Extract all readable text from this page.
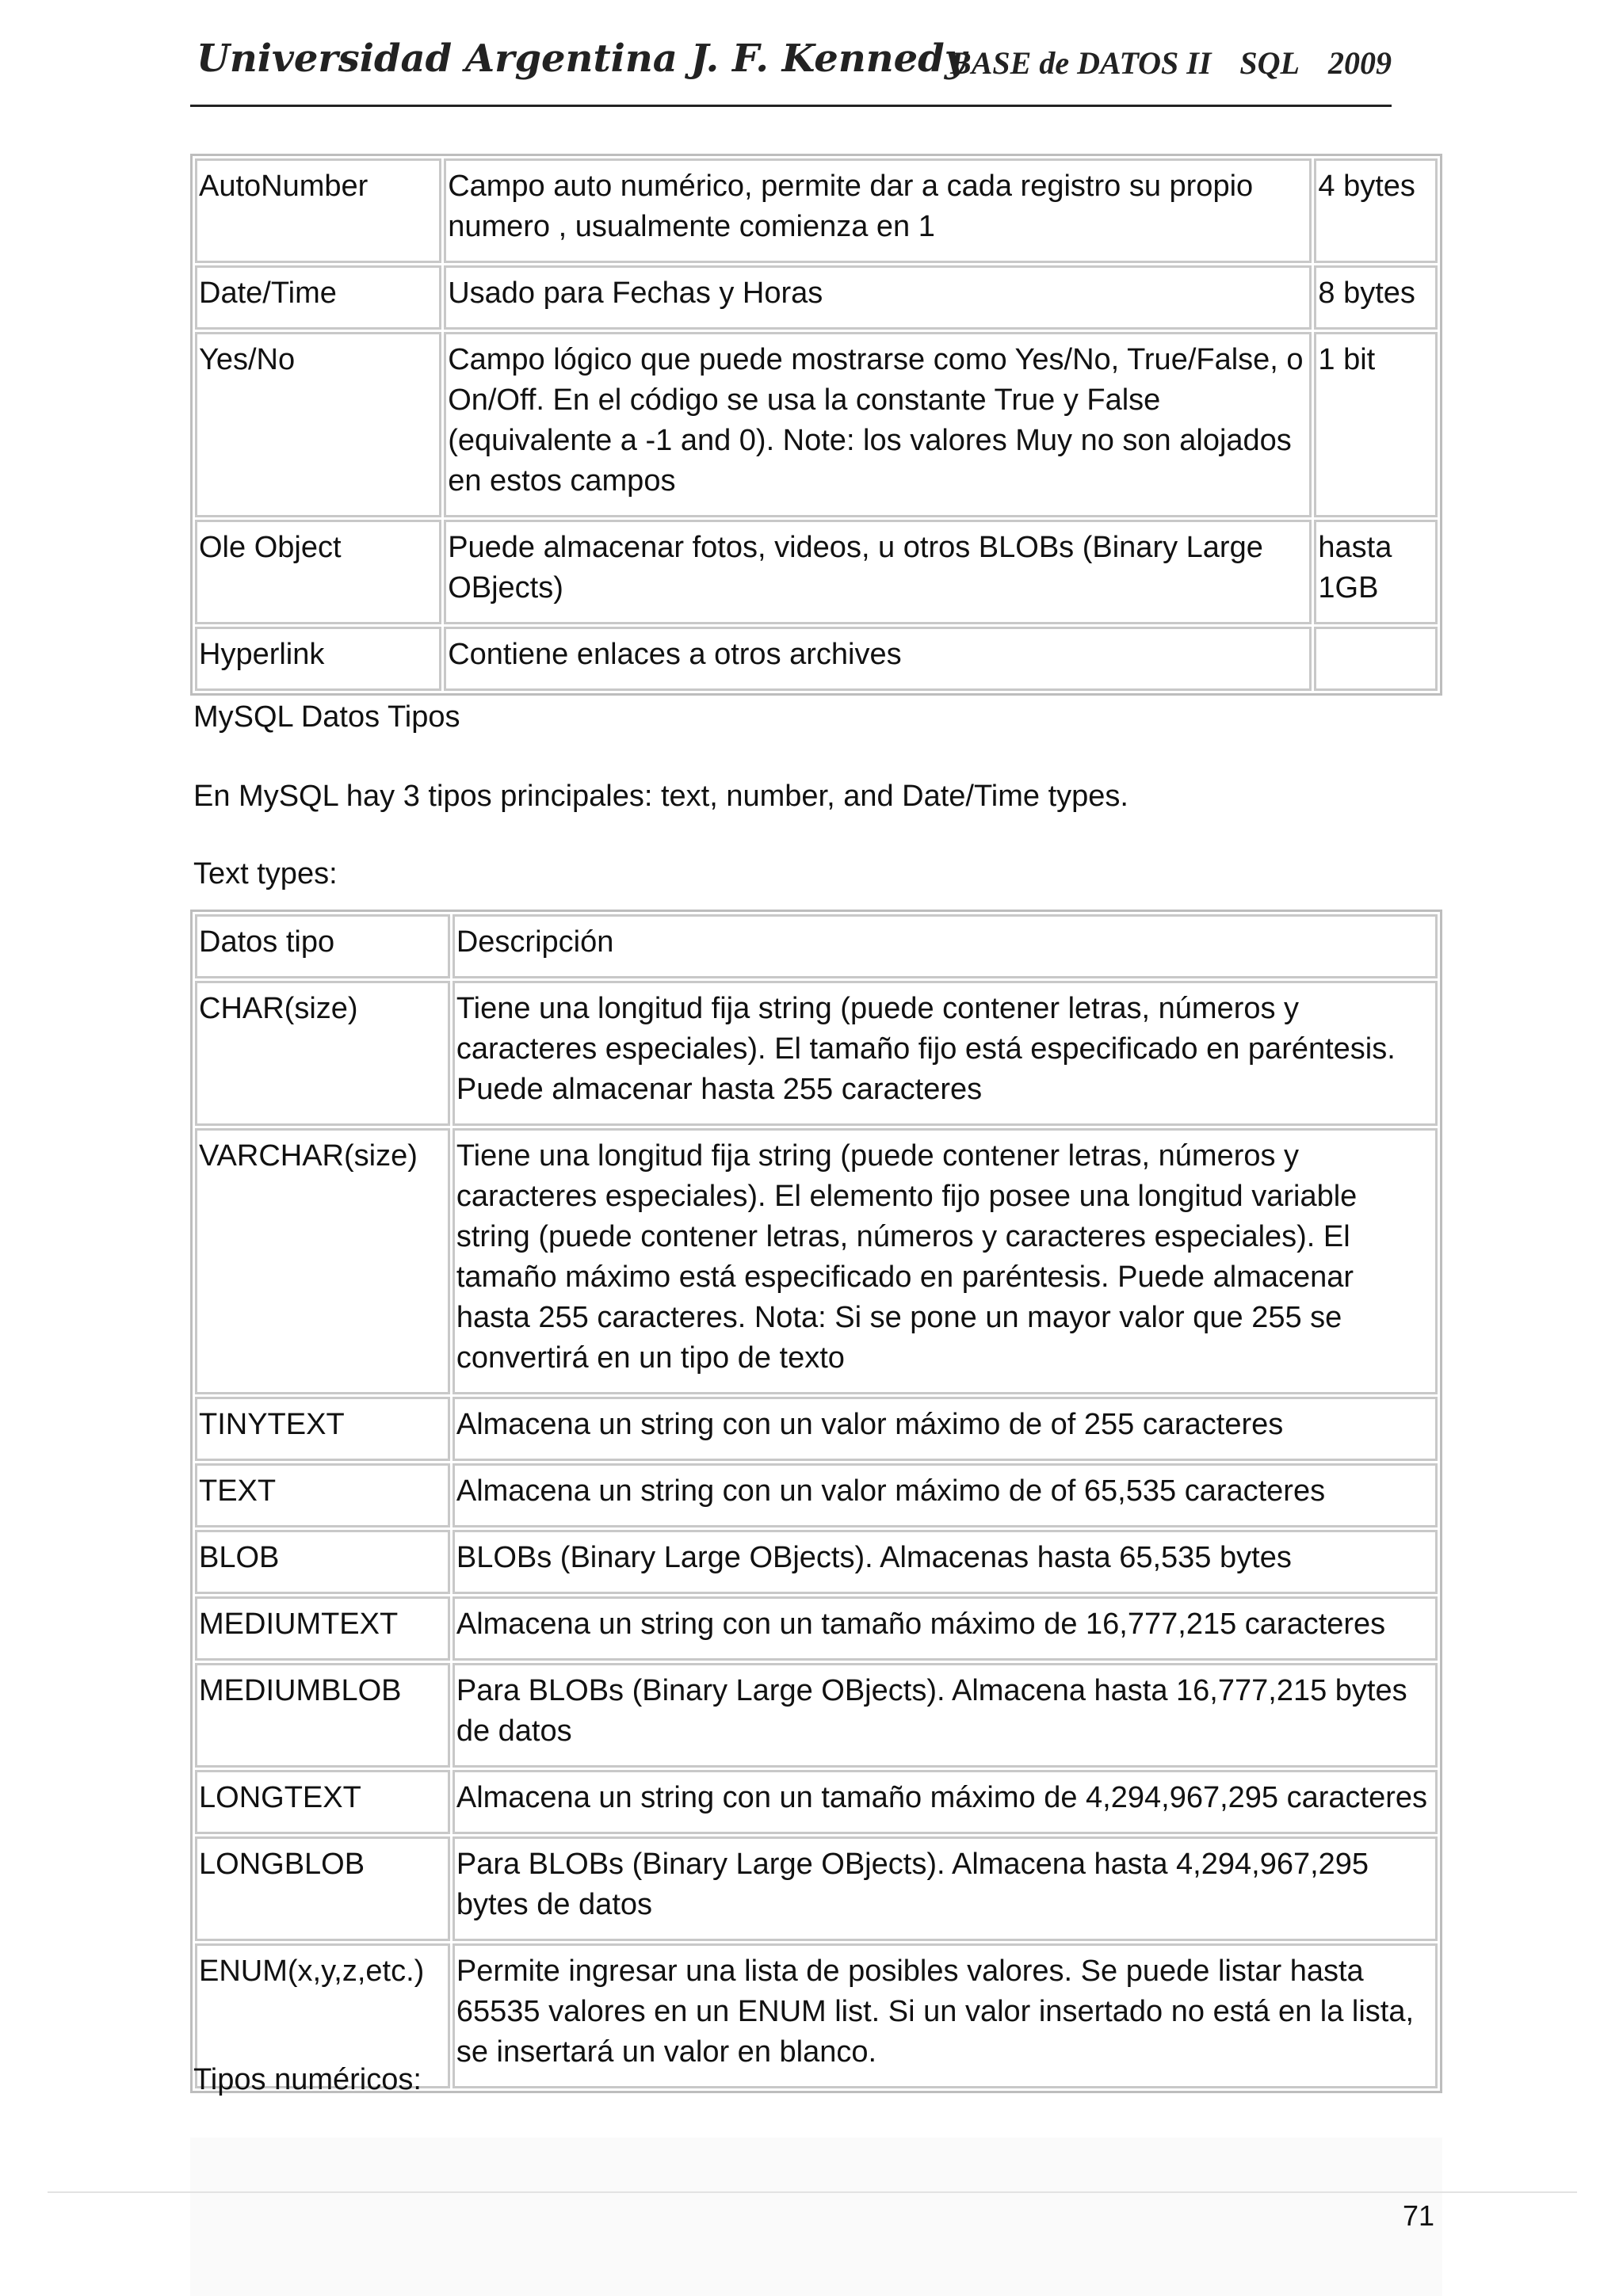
Universidad Argentina J. F. Kennedy
BASE de DATOS II SQL 2009
AutoNumber	Campo auto numérico, permite dar a cada registro su propio numero , usualmente comienza en 1	4 bytes
Date/Time	Usado para Fechas y Horas	8 bytes
Yes/No	Campo lógico que puede mostrarse como Yes/No, True/False, o On/Off. En el código se usa la constante True y False (equivalente a -1 and 0). Note: los valores Muy no son alojados en estos campos	1 bit
Ole Object	Puede almacenar fotos, videos, u otros BLOBs (Binary Large OBjects)	hasta 1GB
Hyperlink	Contiene enlaces a otros archives	
MySQL Datos Tipos
En MySQL hay 3 tipos principales: text, number, and Date/Time types.
Text types:
Datos tipo	Descripción
CHAR(size)	Tiene una longitud fija string (puede contener letras, números y caracteres especiales). El tamaño fijo está especificado en paréntesis. Puede almacenar hasta 255 caracteres
VARCHAR(size)	Tiene una longitud fija string (puede contener letras, números y caracteres especiales). El elemento fijo posee una longitud variable string (puede contener letras, números y caracteres especiales). El tamaño máximo está especificado en paréntesis. Puede almacenar hasta 255 caracteres. Nota: Si se pone un mayor valor que 255 se convertirá en un tipo de texto
TINYTEXT	Almacena un string con un valor máximo de of 255 caracteres
TEXT	Almacena un string con un valor máximo de of 65,535 caracteres
BLOB	BLOBs (Binary Large OBjects). Almacenas hasta 65,535 bytes
MEDIUMTEXT	Almacena un string con un tamaño máximo de 16,777,215 caracteres
MEDIUMBLOB	Para BLOBs (Binary Large OBjects). Almacena hasta 16,777,215 bytes de datos
LONGTEXT	Almacena un string con un tamaño máximo de 4,294,967,295 caracteres
LONGBLOB	Para BLOBs (Binary Large OBjects). Almacena hasta 4,294,967,295 bytes de datos
ENUM(x,y,z,etc.)	Permite ingresar una lista de posibles valores. Se puede listar hasta 65535 valores en un ENUM list. Si un valor insertado no está en la lista, se insertará un valor en blanco.
Tipos numéricos:
71
